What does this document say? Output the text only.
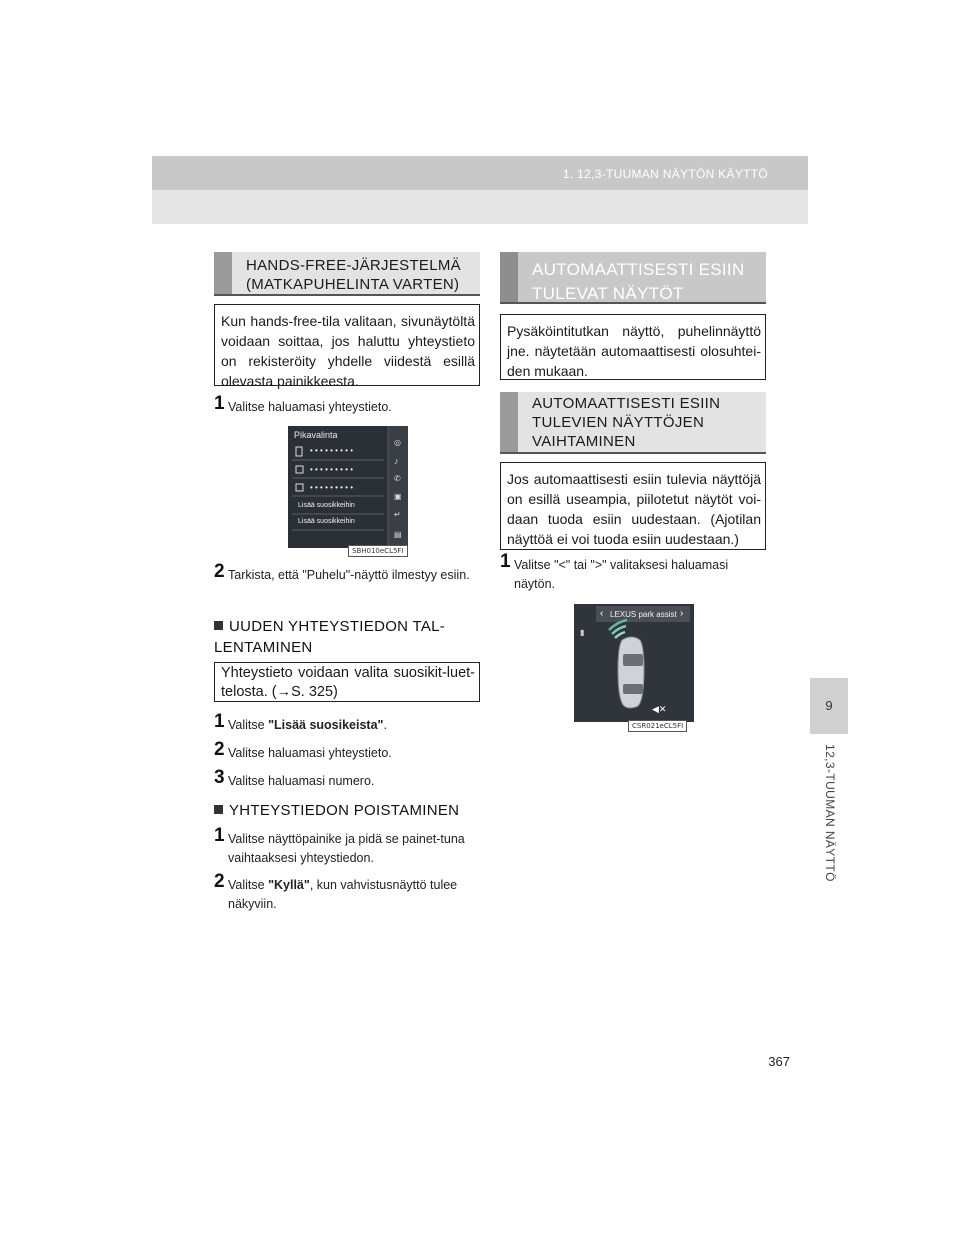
1. 12,3-TUUMAN NÄYTÖN KÄYTTÖ
9
12,3-TUUMAN NÄYTTÖ
HANDS-FREE-JÄRJESTELMÄ (MATKAPUHELINTA VARTEN)
Kun hands-free-tila valitaan, sivunäytöltä voidaan soittaa, jos haluttu yhteystieto on rekisteröity yhdelle viidestä esillä olevasta painikkeesta.
1 Valitse haluamasi yhteystieto.
Pikavalinta
• • • • • • • • •
• • • • • • • • •
• • • • • • • • •
Lisää suosikkeihin
Lisää suosikkeihin
◎
♪
✆
▣
↵
▤
SBH010eCL5FI
2 Tarkista, että "Puhelu"-näyttö ilmestyy esiin.
UUDEN YHTEYSTIEDON TAL-LENTAMINEN
Yhteystieto voidaan valita suosikit-luet-telosta. (→S. 325)
1 Valitse "Lisää suosikeista".
2 Valitse haluamasi yhteystieto.
3 Valitse haluamasi numero.
YHTEYSTIEDON POISTAMINEN
1 Valitse näyttöpainike ja pidä se painet-tuna vaihtaaksesi yhteystiedon.
2 Valitse "Kyllä", kun vahvistusnäyttö tulee näkyviin.
AUTOMAATTISESTI ESIIN TULEVAT NÄYTÖT
Pysäköintitutkan näyttö, puhelinnäyttö jne. näytetään automaattisesti olosuhtei-den mukaan.
AUTOMAATTISESTI ESIIN TULEVIEN NÄYTTÖJEN VAIHTAMINEN
Jos automaattisesti esiin tulevia näyttöjä on esillä useampia, piilotetut näytöt voi-daan tuoda esiin uudestaan. (Ajotilan näyttöä ei voi tuoda esiin uudestaan.)
1 Valitse "<" tai ">" valitaksesi haluamasi näytön.
‹ LEXUS park assist ›
▮
◀✕
CSR021eCL5FI
367
